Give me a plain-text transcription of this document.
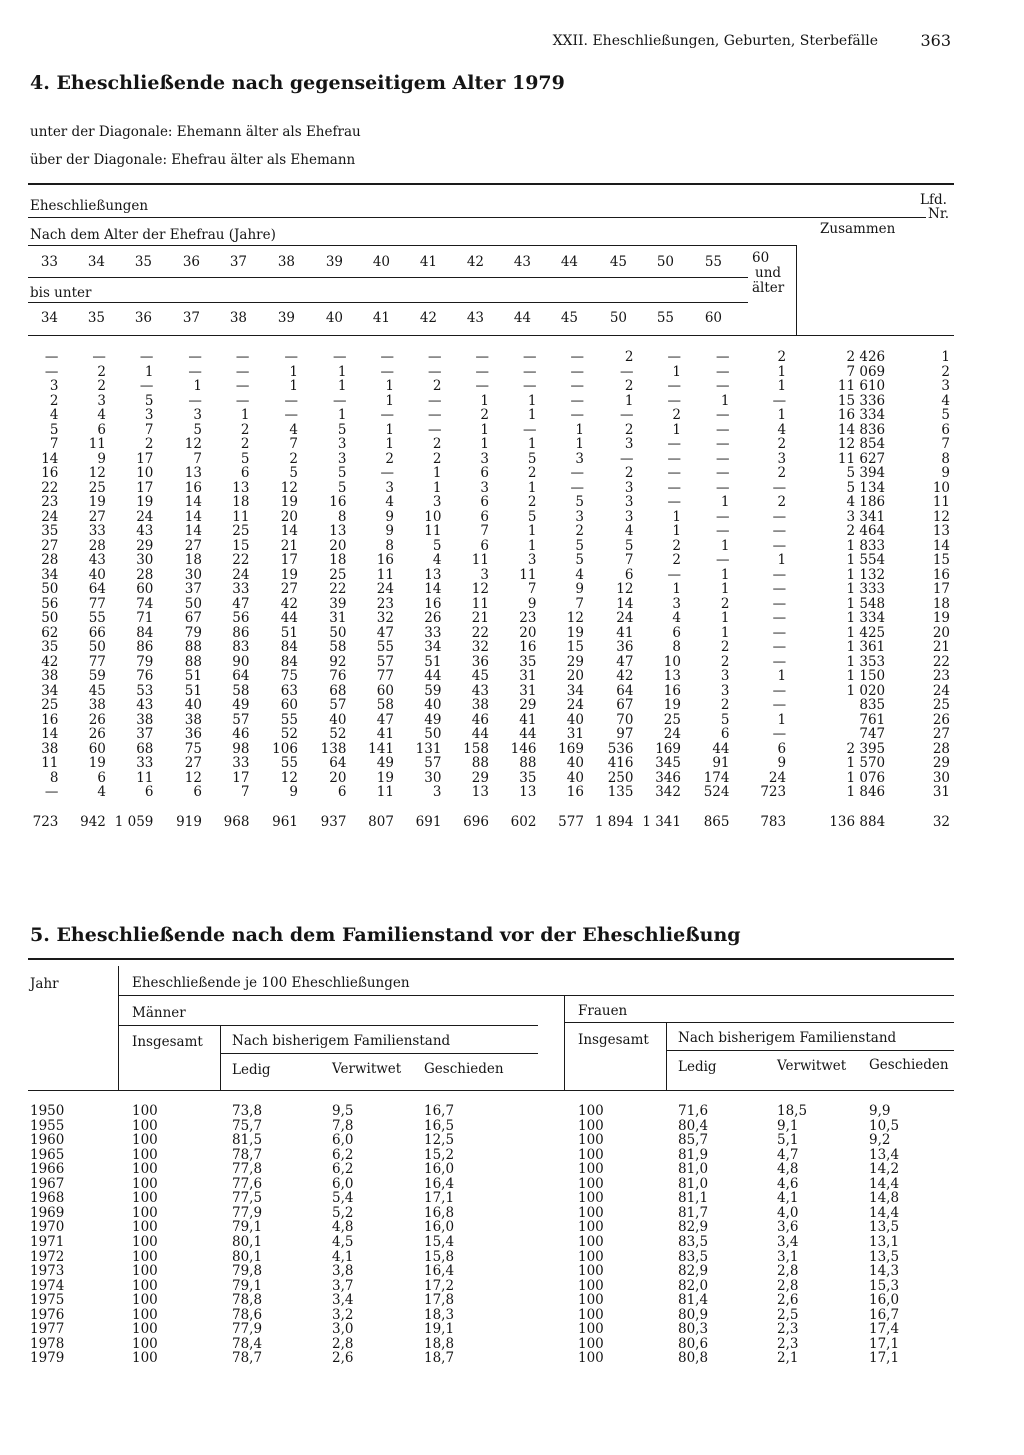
XXII. Eheschließungen, Geburten, Sterbefälle	363
4. Eheschließende nach gegenseitigem Alter 1979
unter der Diagonale: Ehemann älter als Ehefrau
über der Diagonale: Ehefrau älter als Ehemann
Eheschließungen	Lfd.
Nr.
Nach dem Alter der Ehefrau (Jahre)	Zusammen
33 34 35 36 37 38 39 40 41 42 43 44 45 50 55 60
und
älter
bis unter
34 35 36 37 38 39 40 41 42 43 44 45 50 55 60
—	—	—	—	—	—	—	—	—	—	—	—	2	—	—	2	2 426	1
—	2	1	—	—	1	1	—	—	—	—	—	—	1	—	1	7 069	2
3	2	—	1	—	1	1	1	2	—	—	—	2	—	—	1	11 610	3
2	3	5	—	—	—	—	1	—	1	1	—	1	—	1	—	15 336	4
4	4	3	3	1	—	1	—	—	2	1	—	—	2	—	1	16 334	5
5	6	7	5	2	4	5	1	—	1	—	1	2	1	—	4	14 836	6
7	11	2	12	2	7	3	1	2	1	1	1	3	—	—	2	12 854	7
14	9	17	7	5	2	3	2	2	3	5	3	—	—	—	3	11 627	8
16	12	10	13	6	5	5	—	1	6	2	—	2	—	—	2	5 394	9
22	25	17	16	13	12	5	3	1	3	1	—	3	—	—	—	5 134	10
23	19	19	14	18	19	16	4	3	6	2	5	3	—	1	2	4 186	11
24	27	24	14	11	20	8	9	10	6	5	3	3	1	—	—	3 341	12
35	33	43	14	25	14	13	9	11	7	1	2	4	1	—	—	2 464	13
27	28	29	27	15	21	20	8	5	6	1	5	5	2	1	—	1 833	14
28	43	30	18	22	17	18	16	4	11	3	5	7	2	—	1	1 554	15
34	40	28	30	24	19	25	11	13	3	11	4	6	—	1	—	1 132	16
50	64	60	37	33	27	22	24	14	12	7	9	12	1	1	—	1 333	17
56	77	74	50	47	42	39	23	16	11	9	7	14	3	2	—	1 548	18
50	55	71	67	56	44	31	32	26	21	23	12	24	4	1	—	1 334	19
62	66	84	79	86	51	50	47	33	22	20	19	41	6	1	—	1 425	20
35	50	86	88	83	84	58	55	34	32	16	15	36	8	2	—	1 361	21
42	77	79	88	90	84	92	57	51	36	35	29	47	10	2	—	1 353	22
38	59	76	51	64	75	76	77	44	45	31	20	42	13	3	1	1 150	23
34	45	53	51	58	63	68	60	59	43	31	34	64	16	3	—	1 020	24
25	38	43	40	49	60	57	58	40	38	29	24	67	19	2	—	835	25
16	26	38	38	57	55	40	47	49	46	41	40	70	25	5	1	761	26
14	26	37	36	46	52	52	41	50	44	44	31	97	24	6	—	747	27
38	60	68	75	98	106	138	141	131	158	146	169	536	169	44	6	2 395	28
11	19	33	27	33	55	64	49	57	88	88	40	416	345	91	9	1 570	29
8	6	11	12	17	12	20	19	30	29	35	40	250	346	174	24	1 076	30
—	4	6	6	7	9	6	11	3	13	13	16	135	342	524	723	1 846	31
723	942	1 059	919	968	961	937	807	691	696	602	577	1 894	1 341	865	783	136 884	32
5. Eheschließende nach dem Familienstand vor der Eheschließung
Jahr	Eheschließende je 100 Eheschließungen
Männer	Frauen
Insgesamt Nach bisherigem Familienstand	Insgesamt Nach bisherigem Familienstand
Ledig	Verwitwet Geschieden	Ledig	Verwitwet Geschieden
1950	100	73,8	9,5	16,7	100	71,6	18,5	9,9
1955	100	75,7	7,8	16,5	100	80,4	9,1	10,5
1960	100	81,5	6,0	12,5	100	85,7	5,1	9,2
1965	100	78,7	6,2	15,2	100	81,9	4,7	13,4
1966	100	77,8	6,2	16,0	100	81,0	4,8	14,2
1967	100	77,6	6,0	16,4	100	81,0	4,6	14,4
1968	100	77,5	5,4	17,1	100	81,1	4,1	14,8
1969	100	77,9	5,2	16,8	100	81,7	4,0	14,4
1970	100	79,1	4,8	16,0	100	82,9	3,6	13,5
1971	100	80,1	4,5	15,4	100	83,5	3,4	13,1
1972	100	80,1	4,1	15,8	100	83,5	3,1	13,5
1973	100	79,8	3,8	16,4	100	82,9	2,8	14,3
1974	100	79,1	3,7	17,2	100	82,0	2,8	15,3
1975	100	78,8	3,4	17,8	100	81,4	2,6	16,0
1976	100	78,6	3,2	18,3	100	80,9	2,5	16,7
1977	100	77,9	3,0	19,1	100	80,3	2,3	17,4
1978	100	78,4	2,8	18,8	100	80,6	2,3	17,1
1979	100	78,7	2,6	18,7	100	80,8	2,1	17,1
